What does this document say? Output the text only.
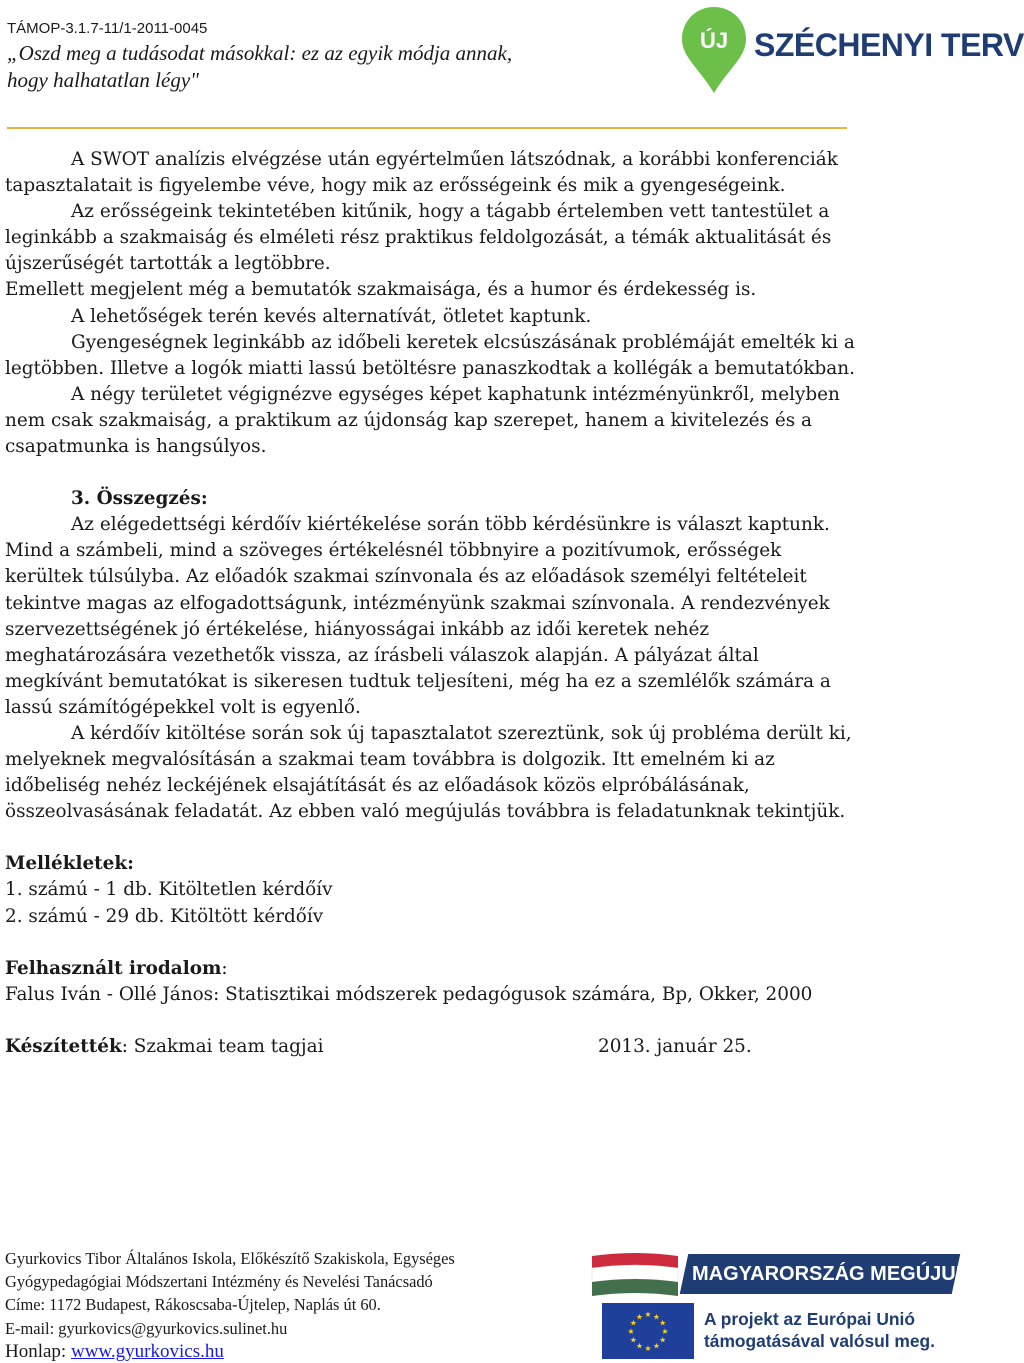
TÁMOP-3.1.7-11/1-2011-0045
„Oszd meg a tudásodat másokkal: ez az egyik módja annak,
hogy halhatatlan légy"
ÚJ SZÉCHENYI TERV

A SWOT analízis elvégzése után egyértelműen látszódnak, a korábbi konferenciák tapasztalatait is figyelembe véve, hogy mik az erősségeink és mik a gyengeségeink.

Az erősségeink tekintetében kitűnik, hogy a tágabb értelemben vett tantestület a leginkább a szakmaiság és elméleti rész praktikus feldolgozását, a témák aktualitását és újszerűségét tartották a legtöbbre.

Emellett megjelent még a bemutatók szakmaisága, és a humor és érdekesség is.

A lehetőségek terén kevés alternatívát, ötletet kaptunk.

Gyengeségnek leginkább az időbeli keretek elcsúszásának problémáját emelték ki a legtöbben. Illetve a logók miatti lassú betöltésre panaszkodtak a kollégák a bemutatókban.

A négy területet végignézve egységes képet kaphatunk intézményünkről, melyben nem csak szakmaiság, a praktikum az újdonság kap szerepet, hanem a kivitelezés és a csapatmunka is hangsúlyos.

3. Összegzés:

Az elégedettségi kérdőív kiértékelése során több kérdésünkre is választ kaptunk. Mind a számbeli, mind a szöveges értékelésnél többnyire a pozitívumok, erősségek kerültek túlsúlyba. Az előadók szakmai színvonala és az előadások személyi feltételeit tekintve magas az elfogadottságunk, intézményünk szakmai színvonala. A rendezvények szervezettségének jó értékelése, hiányosságai inkább az idői keretek nehéz meghatározására vezethetők vissza, az írásbeli válaszok alapján. A pályázat által megkívánt bemutatókat is sikeresen tudtuk teljesíteni, még ha ez a szemlélők számára a lassú számítógépekkel volt is egyenlő.

A kérdőív kitöltése során sok új tapasztalatot szereztünk, sok új probléma derült ki, melyeknek megvalósításán a szakmai team továbbra is dolgozik. Itt emelném ki az időbeliség nehéz leckéjének elsajátítását és az előadások közös elpróbálásának, összeolvasásának feladatát. Az ebben való megújulás továbbra is feladatunknak tekintjük.

Mellékletek:

1. számú - 1 db. Kitöltetlen kérdőív

2. számú - 29 db. Kitöltött kérdőív

Felhasznált irodalom:

Falus Iván - Ollé János: Statisztikai módszerek pedagógusok számára, Bp, Okker, 2000

Készítették: Szakmai team tagjai	2013. január 25.

Gyurkovics Tibor Általános Iskola, Előkészítő Szakiskola, Egységes

Gyógypedagógiai Módszertani Intézmény és Nevelési Tanácsadó

Címe: 1172 Budapest, Rákoscsaba-Újtelep, Naplás út 60.

E-mail: gyurkovics@gyurkovics.sulinet.hu

Honlap: www.gyurkovics.hu

MAGYARORSZÁG MEGÚJUL
★ ★
★
★
★
★
★
★
★
★
★
★	A projekt az Európai Unió
támogatásával valósul meg.
